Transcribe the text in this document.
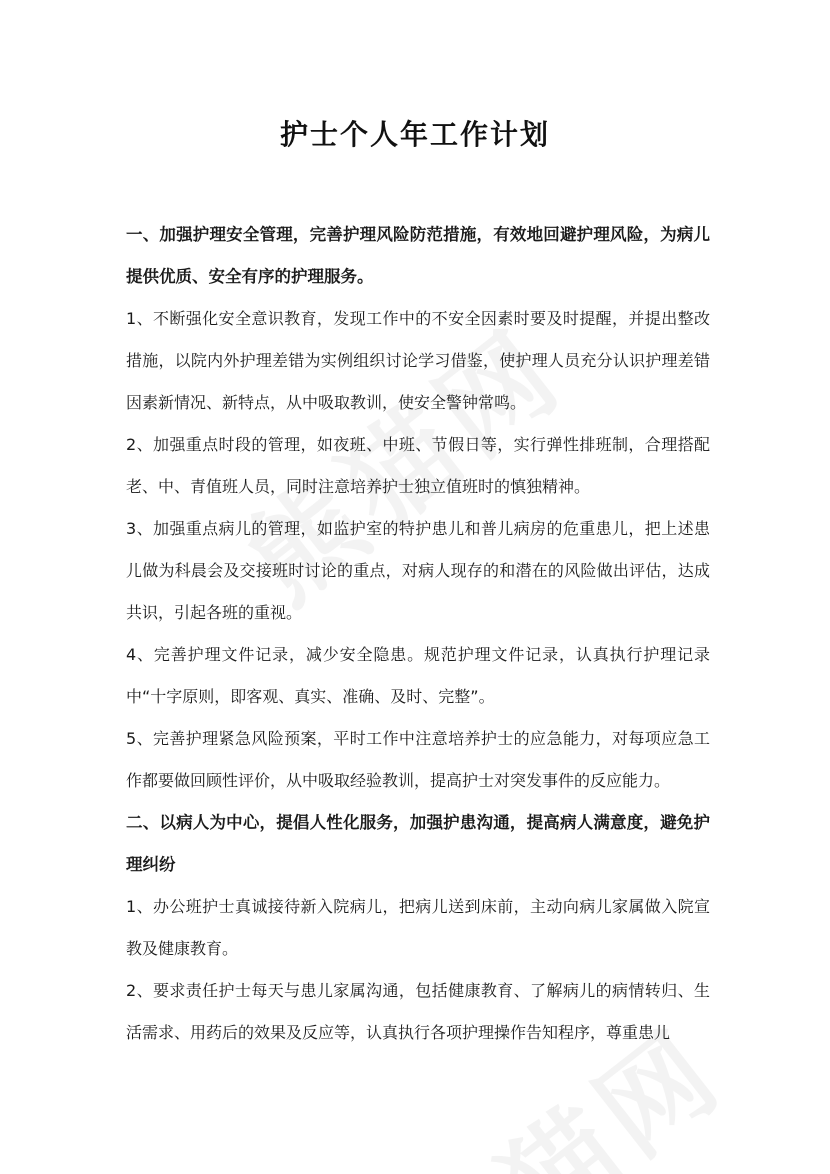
护士个人年工作计划

一、加强护理安全管理，完善护理风险防范措施，有效地回避护理风险，为病儿提供优质、安全有序的护理服务。

1、不断强化安全意识教育，发现工作中的不安全因素时要及时提醒，并提出整改措施，以院内外护理差错为实例组织讨论学习借鉴，使护理人员充分认识护理差错因素新情况、新特点，从中吸取教训，使安全警钟常鸣。

2、加强重点时段的管理，如夜班、中班、节假日等，实行弹性排班制，合理搭配老、中、青值班人员，同时注意培养护士独立值班时的慎独精神。

3、加强重点病儿的管理，如监护室的特护患儿和普儿病房的危重患儿，把上述患儿做为科晨会及交接班时讨论的重点，对病人现存的和潜在的风险做出评估，达成共识，引起各班的重视。

4、完善护理文件记录，减少安全隐患。规范护理文件记录，认真执行护理记录中“十字原则，即客观、真实、准确、及时、完整”。

5、完善护理紧急风险预案，平时工作中注意培养护士的应急能力，对每项应急工作都要做回顾性评价，从中吸取经验教训，提高护士对突发事件的反应能力。

二、以病人为中心，提倡人性化服务，加强护患沟通，提高病人满意度，避免护理纠纷

1、办公班护士真诚接待新入院病儿，把病儿送到床前，主动向病儿家属做入院宣教及健康教育。

2、要求责任护士每天与患儿家属沟通，包括健康教育、了解病儿的病情转归、生活需求、用药后的效果及反应等，认真执行各项护理操作告知程序，尊重患儿
